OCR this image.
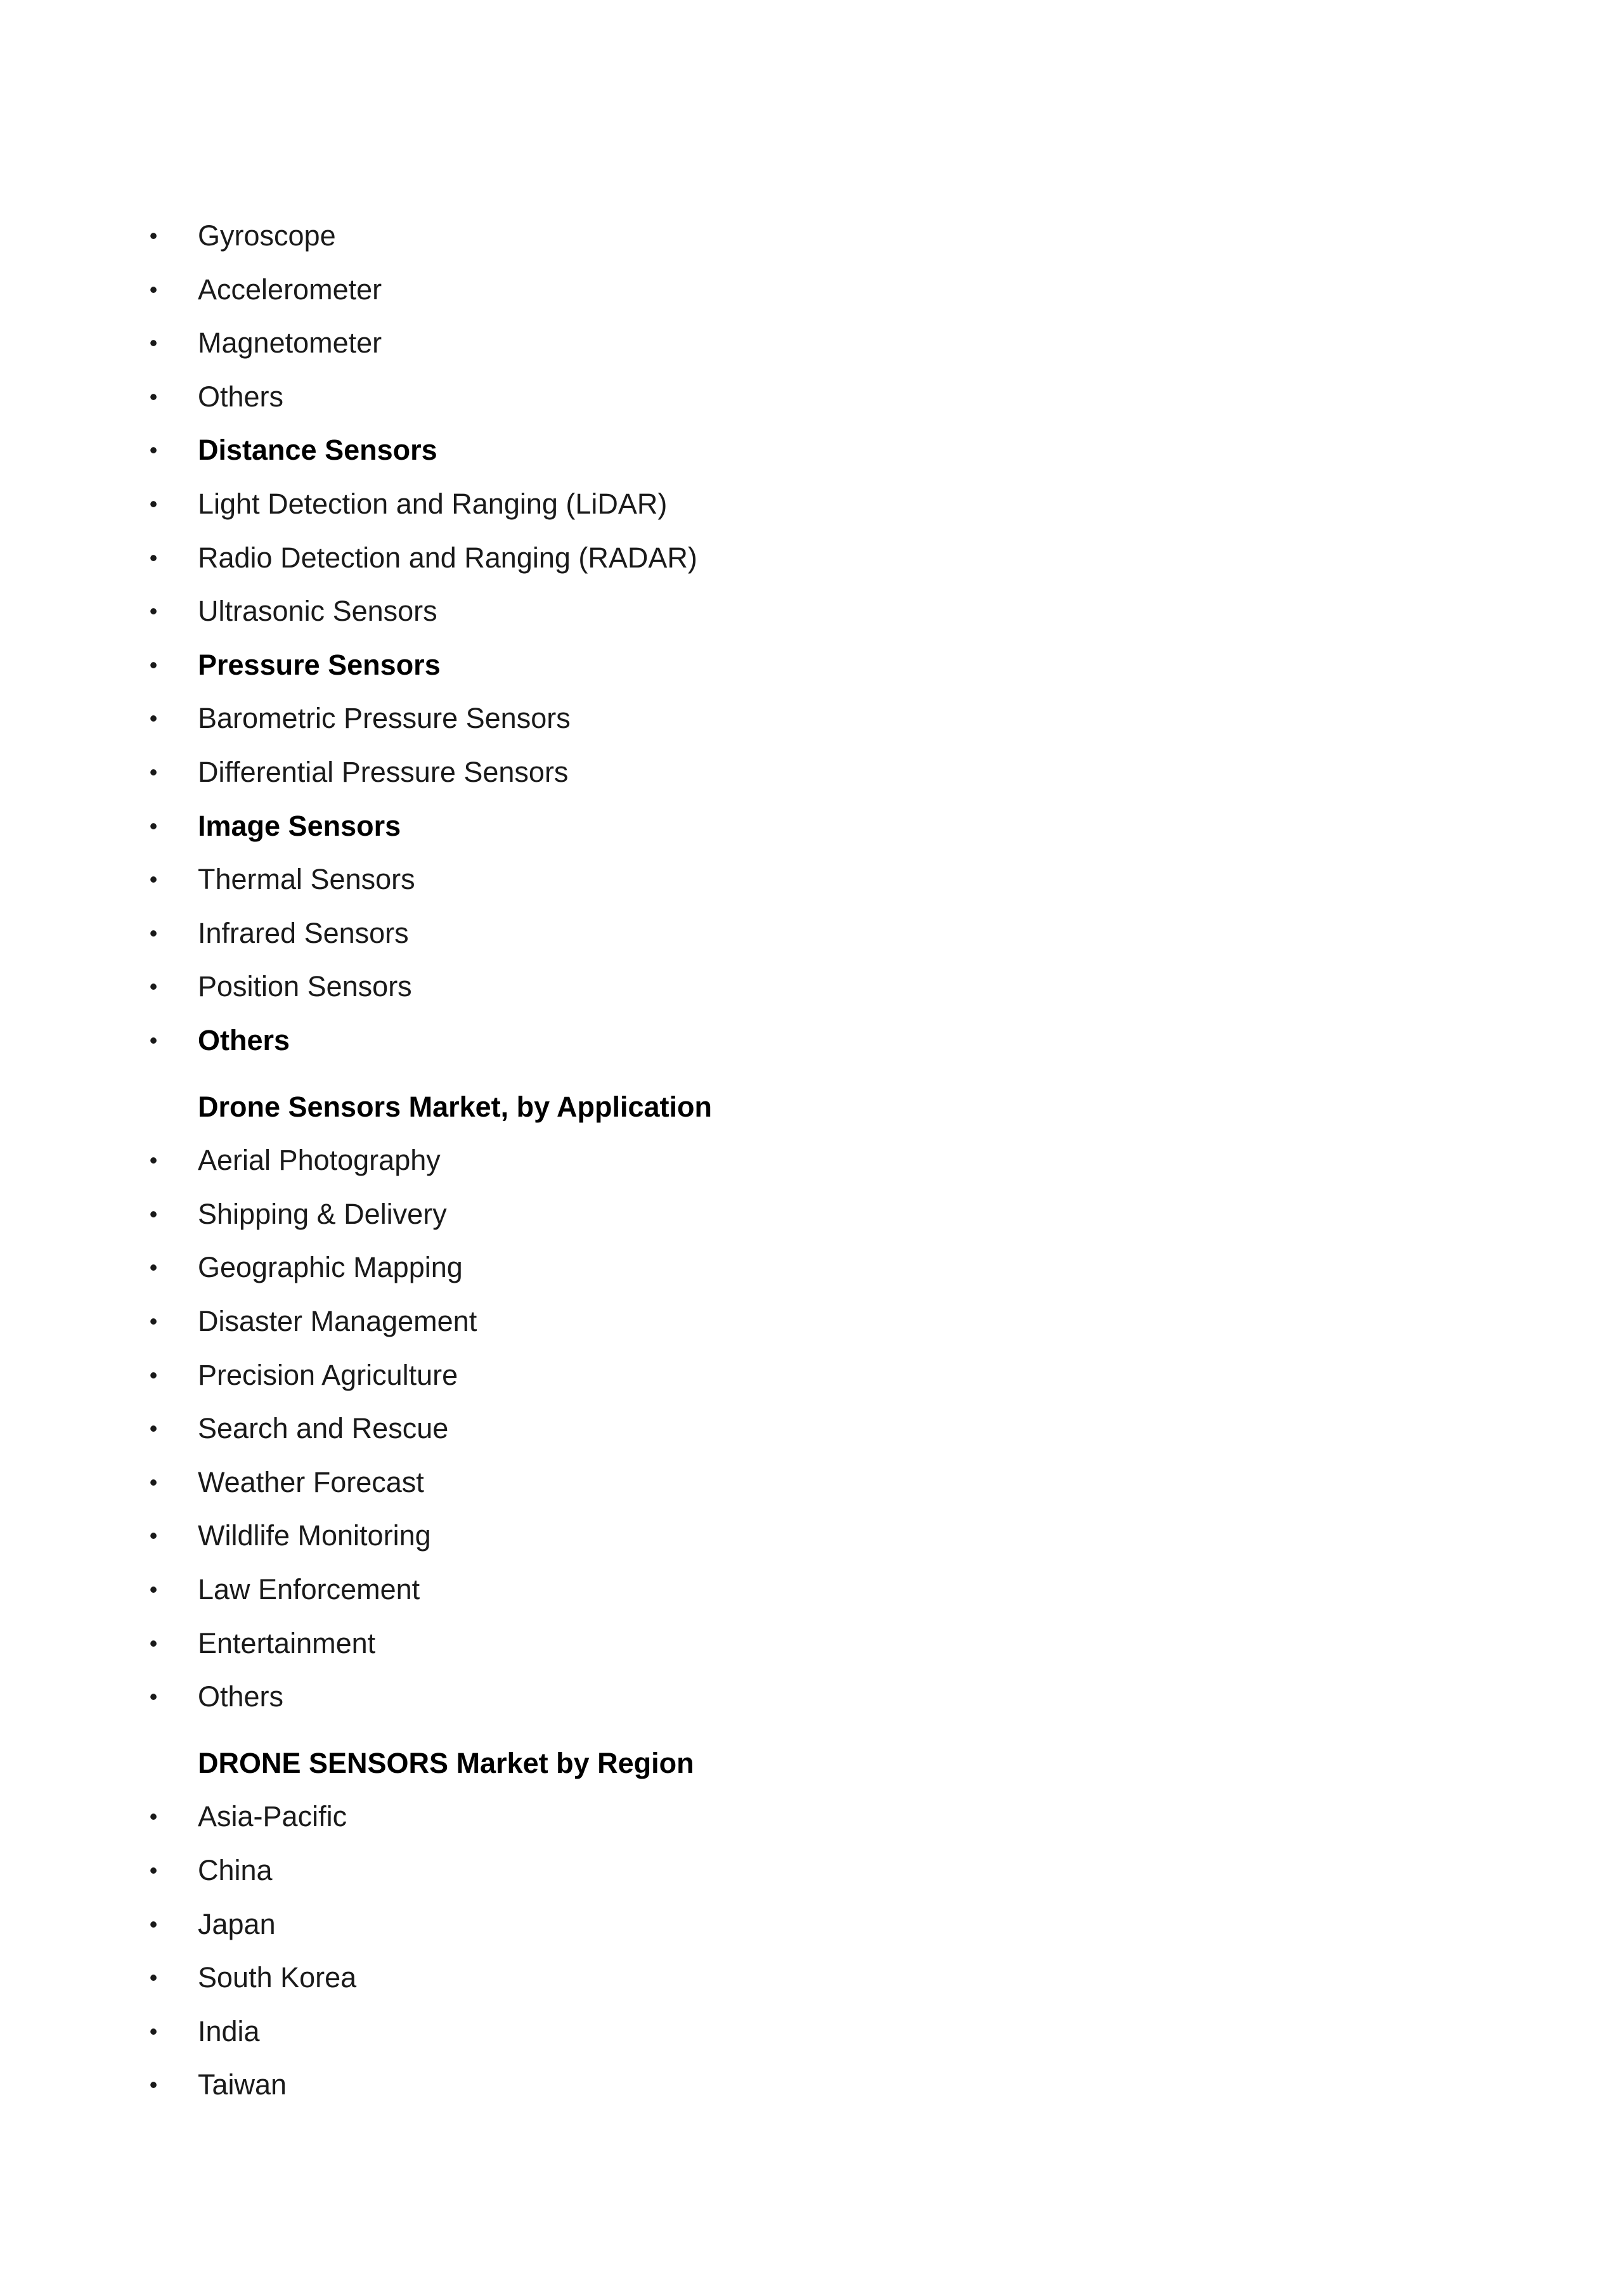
• Gyroscope
• Accelerometer
• Magnetometer
• Others
• Distance Sensors
• Light Detection and Ranging (LiDAR)
• Radio Detection and Ranging (RADAR)
• Ultrasonic Sensors
• Pressure Sensors
• Barometric Pressure Sensors
• Differential Pressure Sensors
• Image Sensors
• Thermal Sensors
• Infrared Sensors
• Position Sensors
• Others
Drone Sensors Market, by Application
• Aerial Photography
• Shipping & Delivery
• Geographic Mapping
• Disaster Management
• Precision Agriculture
• Search and Rescue
• Weather Forecast
• Wildlife Monitoring
• Law Enforcement
• Entertainment
• Others
DRONE SENSORS Market by Region
• Asia-Pacific
• China
• Japan
• South Korea
• India
• Taiwan
